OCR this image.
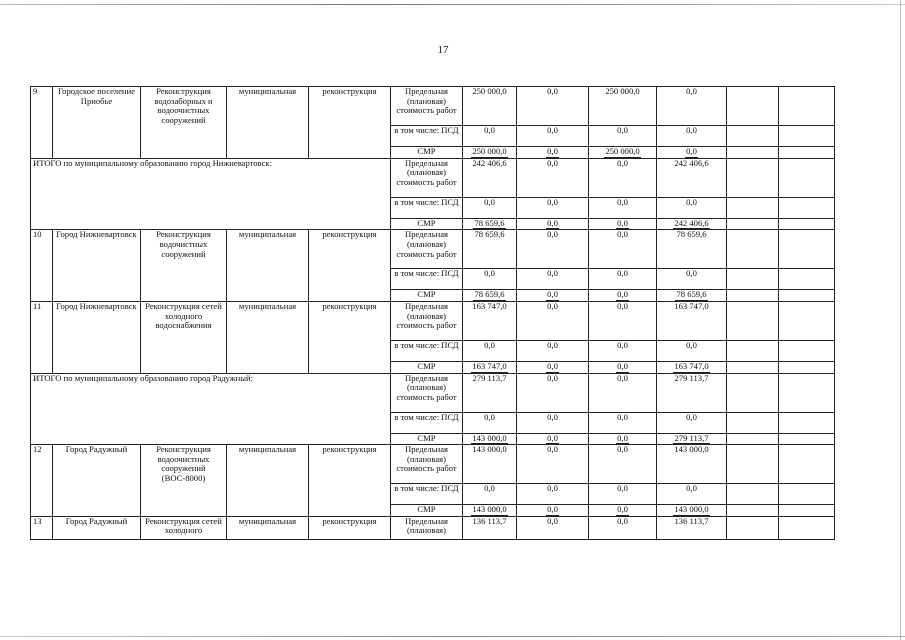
17
9	Городское поселение Приобье	Реконструкция водозаборных и водоочистных сооружений	муниципальная	реконструкция	Предельная (плановая) стоимость работ	250 000,0	0,0	250 000,0	0,0		
					в том числе: ПСД	0,0	0,0	0,0	0,0		
					СМР	250 000,0	0,0	250 000,0	0,0		
ИТОГО по муниципальному образованию город Нижневартовск:					Предельная (плановая) стоимость работ	242 406,6	0,0	0,0	242 406,6		
					в том числе: ПСД	0,0	0,0	0,0	0,0		
					СМР	78 659,6	0,0	0,0	242 406,6		
10	Город Нижневартовск	Реконструкция водочистных сооружений	муниципальная	реконструкция	Предельная (плановая) стоимость работ	78 659,6	0,0	0,0	78 659,6		
					в том числе: ПСД	0,0	0,0	0,0	0,0		
					СМР	78 659,6	0,0	0,0	78 659,6		
11	Город Нижневартовск	Реконструкция сетей холодного водоснабжения	муниципальная	реконструкция	Предельная (плановая) стоимость работ	163 747,0	0,0	0,0	163 747,0		
					в том числе: ПСД	0,0	0,0	0,0	0,0		
					СМР	163 747,0	0,0	0,0	163 747,0		
ИТОГО по муниципальному образованию город Радужный:					Предельная (плановая) стоимость работ	279 113,7	0,0	0,0	279 113,7		
					в том числе: ПСД	0,0	0,0	0,0	0,0		
					СМР	143 000,0	0,0	0,0	279 113,7		
12	Город Радужный	Реконструкция водоочистных сооружений (ВОС-8000)	муниципальная	реконструкция	Предельная (плановая) стоимость работ	143 000,0	0,0	0,0	143 000,0		
					в том числе: ПСД	0,0	0,0	0,0	0,0		
					СМР	143 000,0	0,0	0,0	143 000,0		
13	Город Радужный	Реконструкция сетей холодного	муниципальная	реконструкция	Предельная (плановая)	136 113,7	0,0	0,0	136 113,7		
